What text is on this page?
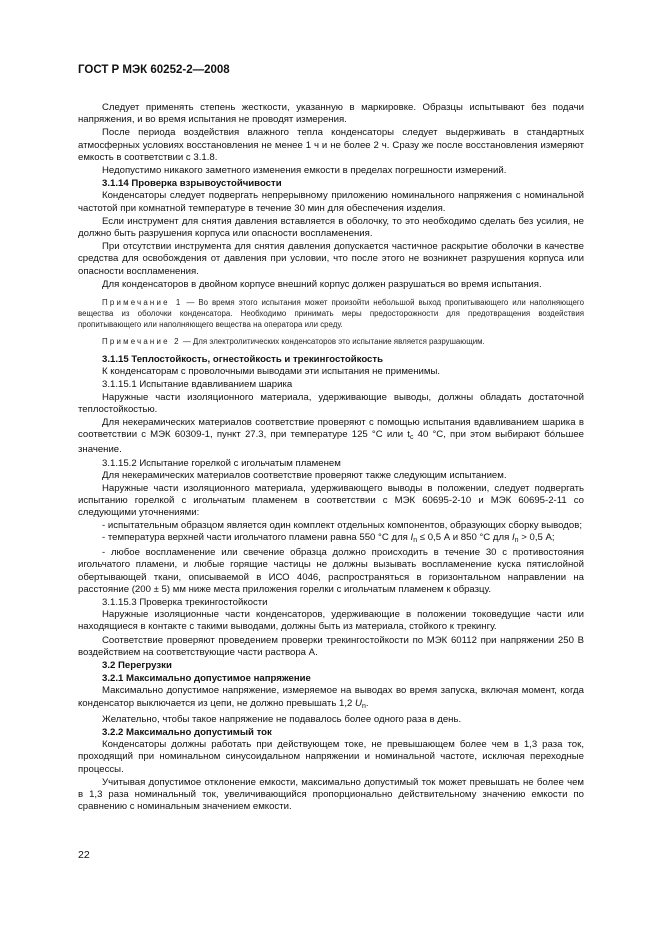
ГОСТ Р МЭК 60252-2—2008
Следует применять степень жесткости, указанную в маркировке. Образцы испытывают без подачи напряжения, и во время испытания не проводят измерения.
После периода воздействия влажного тепла конденсаторы следует выдерживать в стандартных атмосферных условиях восстановления не менее 1 ч и не более 2 ч. Сразу же после восстановления измеряют емкость в соответствии с 3.1.8.
Недопустимо никакого заметного изменения емкости в пределах погрешности измерений.
3.1.14 Проверка взрывоустойчивости
Конденсаторы следует подвергать непрерывному приложению номинального напряжения с номинальной частотой при комнатной температуре в течение 30 мин для обеспечения изделия.
Если инструмент для снятия давления вставляется в оболочку, то это необходимо сделать без усилия, не должно быть разрушения корпуса или опасности воспламенения.
При отсутствии инструмента для снятия давления допускается частичное раскрытие оболочки в качестве средства для освобождения от давления при условии, что после этого не возникнет разрушения корпуса или опасности воспламенения.
Для конденсаторов в двойном корпусе внешний корпус должен разрушаться во время испытания.
Примечание 1 — Во время этого испытания может произойти небольшой выход пропитывающего или наполняющего вещества из оболочки конденсатора. Необходимо принимать меры предосторожности для предотвращения воздействия пропитывающего или наполняющего вещества на оператора или среду.
Примечание 2 — Для электролитических конденсаторов это испытание является разрушающим.
3.1.15 Теплостойкость, огнестойкость и трекингостойкость
К конденсаторам с проволочными выводами эти испытания не применимы.
3.1.15.1 Испытание вдавливанием шарика
Наружные части изоляционного материала, удерживающие выводы, должны обладать достаточной теплостойкостью.
Для некерамических материалов соответствие проверяют с помощью испытания вдавливанием шарика в соответствии с МЭК 60309-1, пункт 27.3, при температуре 125 °С или $t_с$ 40 °С, при этом выбирают бóльшее значение.
3.1.15.2 Испытание горелкой с игольчатым пламенем
Для некерамических материалов соответствие проверяют также следующим испытанием.
Наружные части изоляционного материала, удерживающего выводы в положении, следует подвергать испытанию горелкой с игольчатым пламенем в соответствии с МЭК 60695-2-10 и МЭК 60695-2-11 со следующими уточнениями:
- испытательным образцом является один комплект отдельных компонентов, образующих сборку выводов;
- температура верхней части игольчатого пламени равна 550 °С для $I_n \le 0,5$ А и 850 °С для $I_n > 0,5$ А;
- любое воспламенение или свечение образца должно происходить в течение 30 с противостояния игольчатого пламени, и любые горящие частицы не должны вызывать воспламенение куска пятислойной обертывающей ткани, описываемой в ИСО 4046, распространяться в горизонтальном направлении на расстояние (200 ± 5) мм ниже места приложения горелки с игольчатым пламенем к образцу.
3.1.15.3 Проверка трекингостойкости
Наружные изоляционные части конденсаторов, удерживающие в положении токоведущие части или находящиеся в контакте с такими выводами, должны быть из материала, стойкого к трекингу.
Соответствие проверяют проведением проверки трекингостойкости по МЭК 60112 при напряжении 250 В воздействием на соответствующие части раствора А.
3.2 Перегрузки
3.2.1 Максимально допустимое напряжение
Максимально допустимое напряжение, измеряемое на выводах во время запуска, включая момент, когда конденсатор выключается из цепи, не должно превышать 1,2 $U_n$.
Желательно, чтобы такое напряжение не подавалось более одного раза в день.
3.2.2 Максимально допустимый ток
Конденсаторы должны работать при действующем токе, не превышающем более чем в 1,3 раза ток, проходящий при номинальном синусоидальном напряжении и номинальной частоте, исключая переходные процессы.
Учитывая допустимое отклонение емкости, максимально допустимый ток может превышать не более чем в 1,3 раза номинальный ток, увеличивающийся пропорционально действительному значению емкости по сравнению с номинальным значением емкости.
22
